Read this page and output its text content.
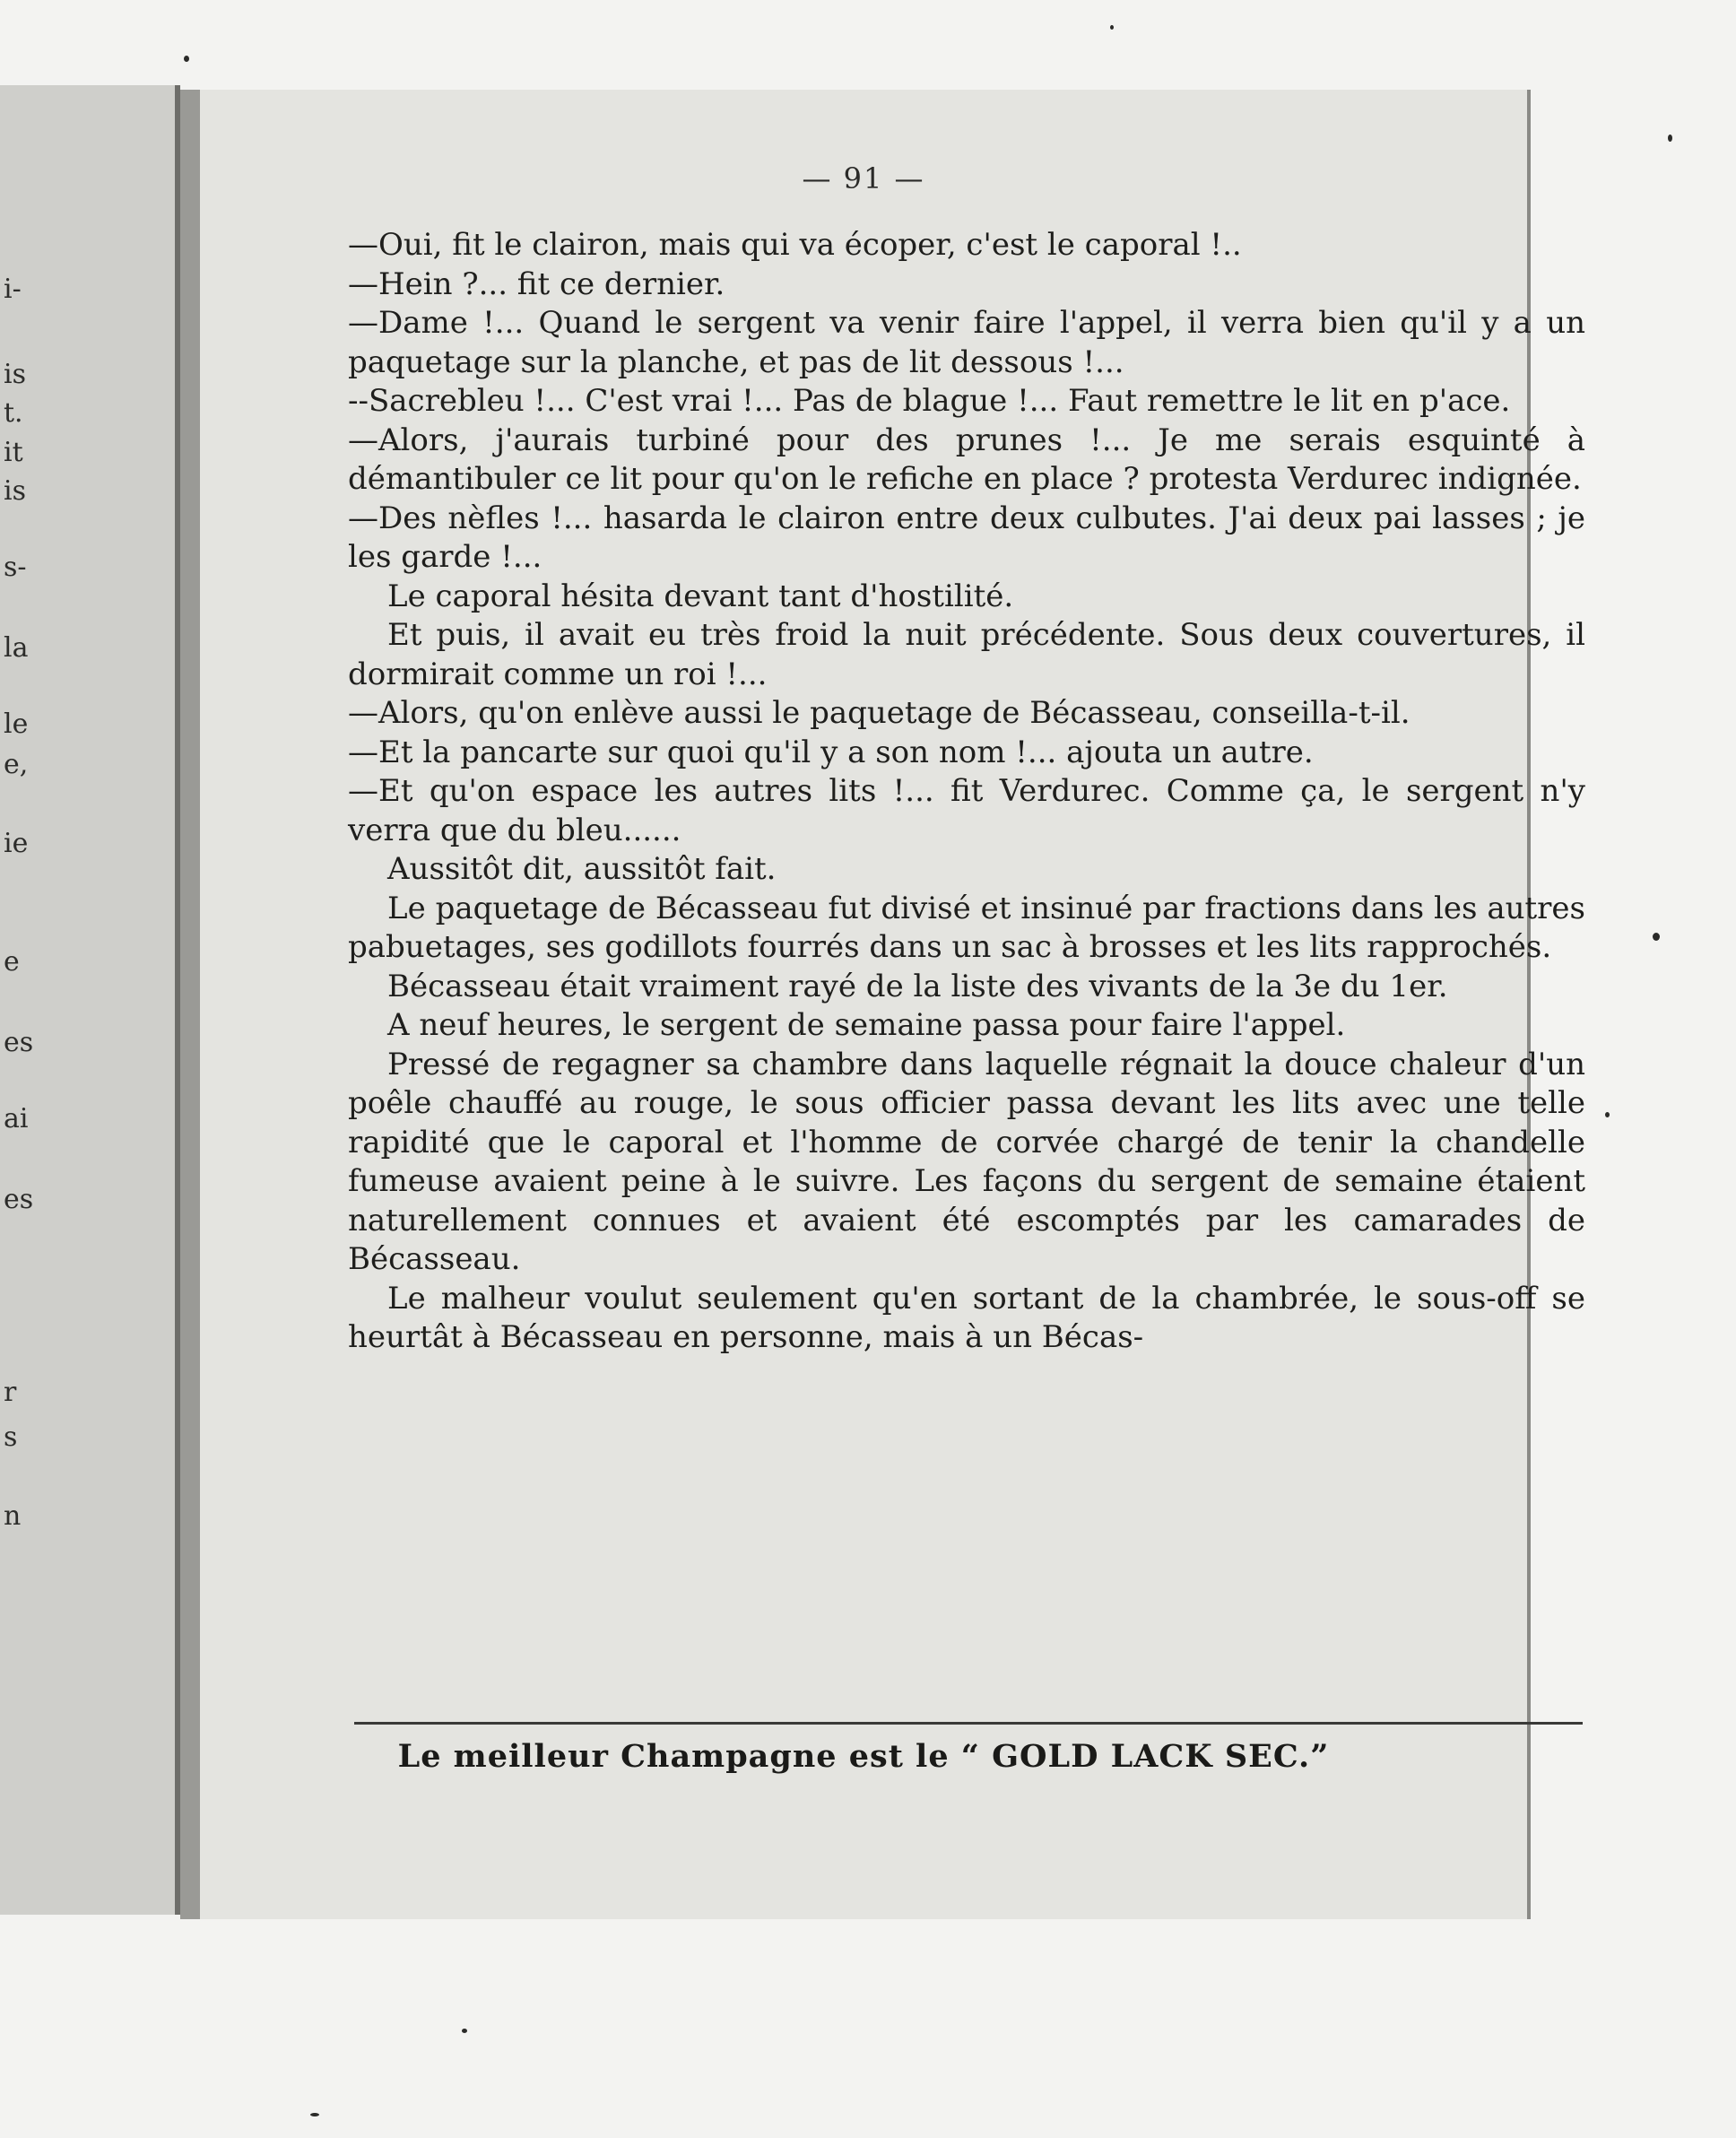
i-
is
t.
it
is
s-
la
le
e,
ie
e
es
ai
es
r
s
n
— 91 —

—Oui, fit le clairon, mais qui va écoper, c'est le caporal !..

—Hein ?... fit ce dernier.

—Dame !... Quand le sergent va venir faire l'appel, il verra bien qu'il y a un paquetage sur la planche, et pas de lit dessous !...

--Sacrebleu !... C'est vrai !... Pas de blague !... Faut remettre le lit en p'ace.

—Alors, j'aurais turbiné pour des prunes !... Je me serais esquinté à démantibuler ce lit pour qu'on le refiche en place ? protesta Verdurec indignée.

—Des nèfles !... hasarda le clairon entre deux culbutes. J'ai deux pai lasses ; je les garde !...

Le caporal hésita devant tant d'hostilité.

Et puis, il avait eu très froid la nuit précédente. Sous deux couvertures, il dormirait comme un roi !...

—Alors, qu'on enlève aussi le paquetage de Bécasseau, conseilla-t-il.

—Et la pancarte sur quoi qu'il y a son nom !... ajouta un autre.

—Et qu'on espace les autres lits !... fit Verdurec. Comme ça, le sergent n'y verra que du bleu......

Aussitôt dit, aussitôt fait.

Le paquetage de Bécasseau fut divisé et insinué par fractions dans les autres pabuetages, ses godillots fourrés dans un sac à brosses et les lits rapprochés.

Bécasseau était vraiment rayé de la liste des vivants de la 3e du 1er.

A neuf heures, le sergent de semaine passa pour faire l'appel.

Pressé de regagner sa chambre dans laquelle régnait la douce chaleur d'un poêle chauffé au rouge, le sous officier passa devant les lits avec une telle rapidité que le caporal et l'homme de corvée chargé de tenir la chandelle fumeuse avaient peine à le suivre. Les façons du sergent de semaine étaient naturellement connues et avaient été escomptés par les camarades de Bécasseau.

Le malheur voulut seulement qu'en sortant de la chambrée, le sous-off se heurtât à Bécasseau en personne, mais à un Bécas-

Le meilleur Champagne est le “ GOLD LACK SEC.”
